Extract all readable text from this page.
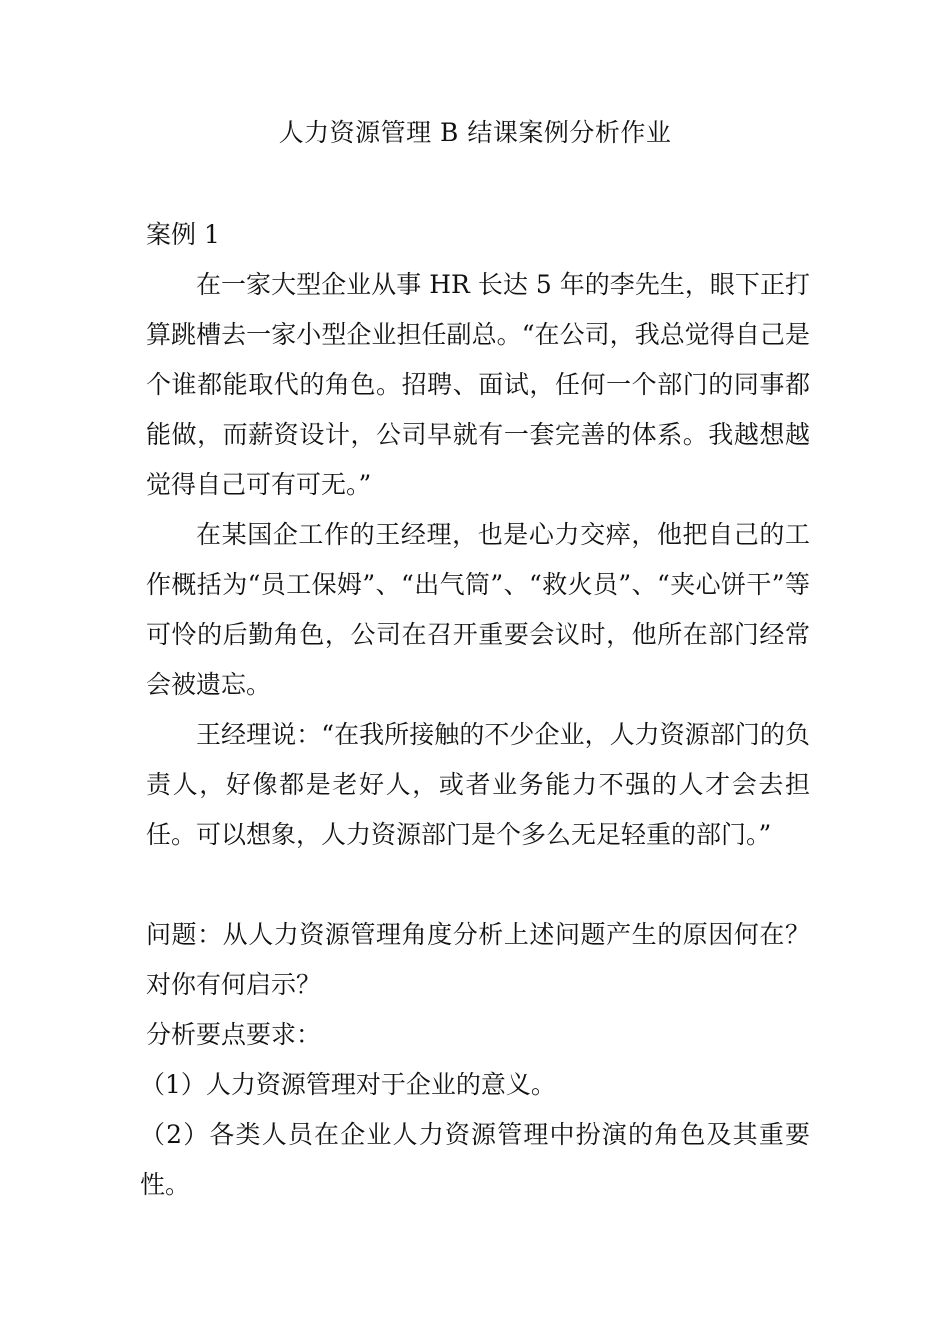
人力资源管理 B 结课案例分析作业

案例 1

在一家大型企业从事 HR 长达 5 年的李先生，眼下正打算跳槽去一家小型企业担任副总。“在公司，我总觉得自己是个谁都能取代的角色。招聘、面试，任何一个部门的同事都能做，而薪资设计，公司早就有一套完善的体系。我越想越觉得自己可有可无。”

在某国企工作的王经理，也是心力交瘁，他把自己的工作概括为“员工保姆”、“出气筒”、“救火员”、“夹心饼干”等可怜的后勤角色，公司在召开重要会议时，他所在部门经常会被遗忘。

王经理说：“在我所接触的不少企业，人力资源部门的负责人，好像都是老好人，或者业务能力不强的人才会去担任。可以想象，人力资源部门是个多么无足轻重的部门。”

问题：从人力资源管理角度分析上述问题产生的原因何在？对你有何启示？

分析要点要求：

（1）人力资源管理对于企业的意义。

（2）各类人员在企业人力资源管理中扮演的角色及其重要性。
